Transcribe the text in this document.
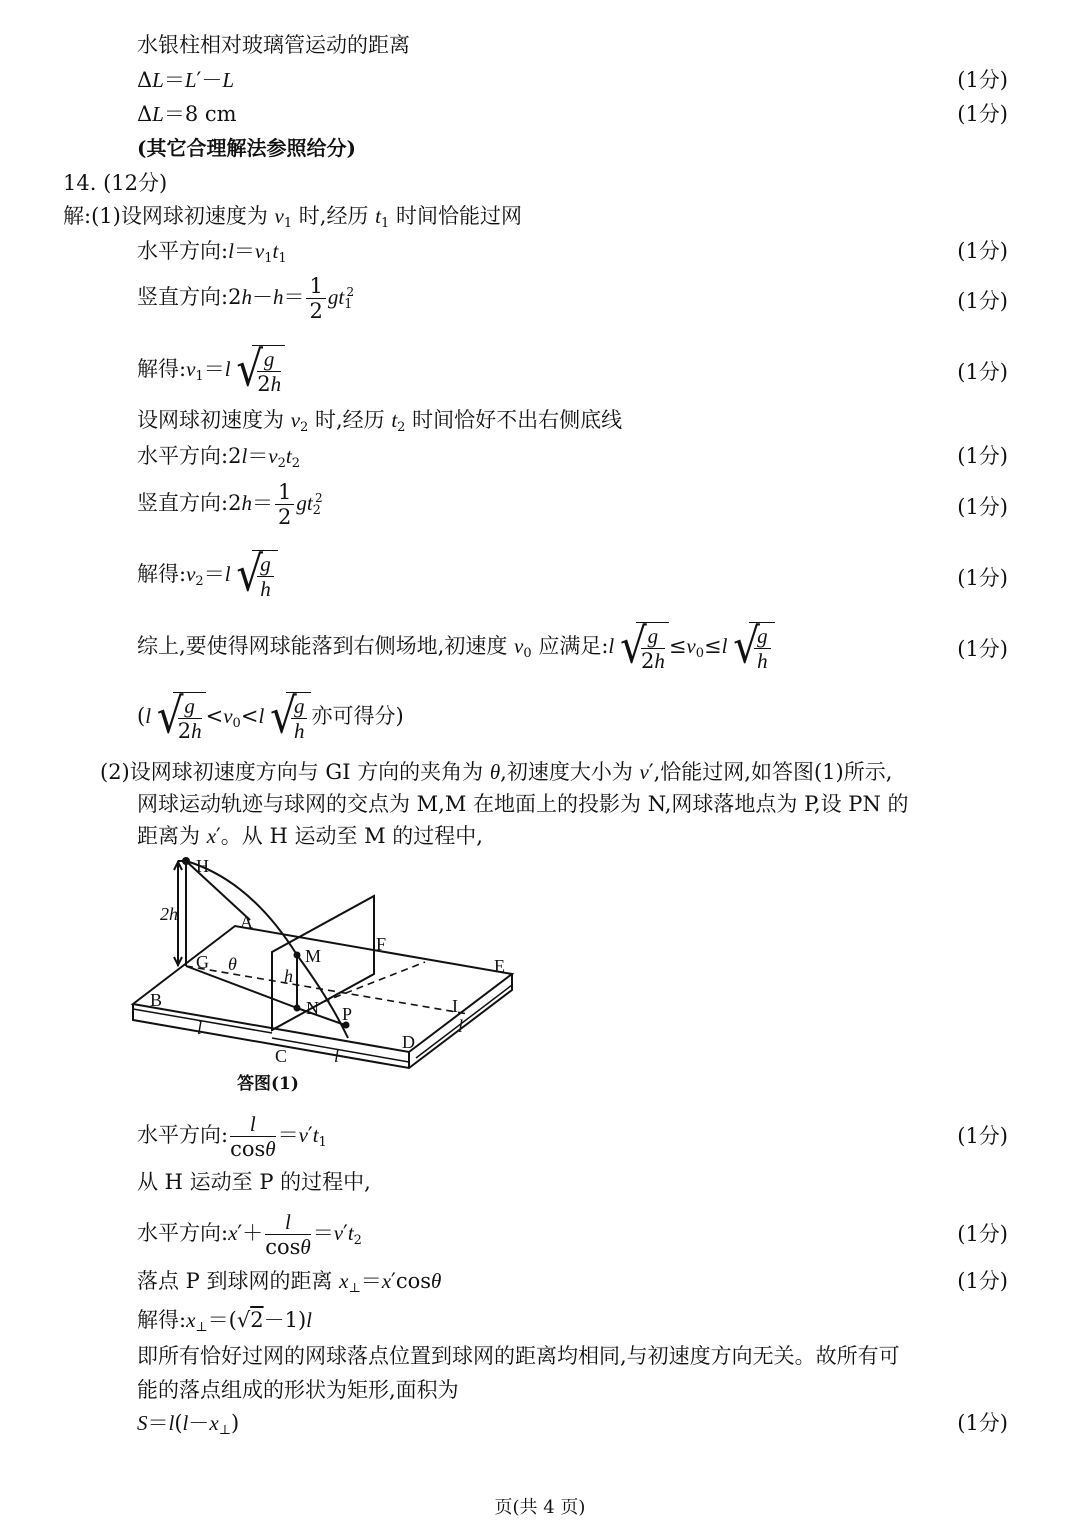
水银柱相对玻璃管运动的距离
ΔL＝L′－L	(1分)
ΔL＝8 cm	(1分)
(其它合理解法参照给分)
14. (12分)
解:(1)设网球初速度为 $v_1$ 时,经历 $t_1$ 时间恰能过网
水平方向$:l=v_1t_1$	(1分)
竖直方向:2h－h＝ $\frac{1}{2} gt_1^2$	(1分)
解得$:v_1=l$ √ $\frac{g}{2h}$	(1分)
设网球初速度为 $v_2$ 时,经历 $t_2$ 时间恰好不出右侧底线
水平方向$:2l=v_2t_2$	(1分)
竖直方向:2h＝ $\frac{1}{2} gt_2^2$	(1分)
解得$:v_2=l$ √ $\frac{g}{h}$	(1分)
综上,要使得网球能落到右侧场地,初速度 $v_0$ 应满足:l √ $\frac{g}{2h} \le v_0\le l$ √ $\frac{g}{h}$	(1分)
(l √ $\frac{g}{2h} <v_0<l$ √ $\frac{g}{h}$ 亦可得分)
(2)设网球初速度方向与 GI 方向的夹角为 θ,初速度大小为 v′,恰能过网,如答图(1)所示,
网球运动轨迹与球网的交点为 M,M 在地面上的投影为 N,网球落地点为 P,设 PN 的
距离为 x′。从 H 运动至 M 的过程中,
H
2h	A
F
M
G θ
h	E
B	N P	I
l
l
l
C
D
答图(1)
水平方向: $\frac{l}{\cos\theta} =v't_1$	(1分)
从 H 运动至 P 的过程中,
水平方向:x′＋ $\frac{l}{\cos\theta} =v't_2$	(1分)
落点 P 到球网的距离 $x_\perp=x'\cos\theta$	(1分)
解得$:x_\perp=(√2-1)l$
即所有恰好过网的网球落点位置到球网的距离均相同,与初速度方向无关。故所有可
能的落点组成的形状为矩形,面积为
$S=l(l-x_\perp)$	(1分)
页(共 4 页)
